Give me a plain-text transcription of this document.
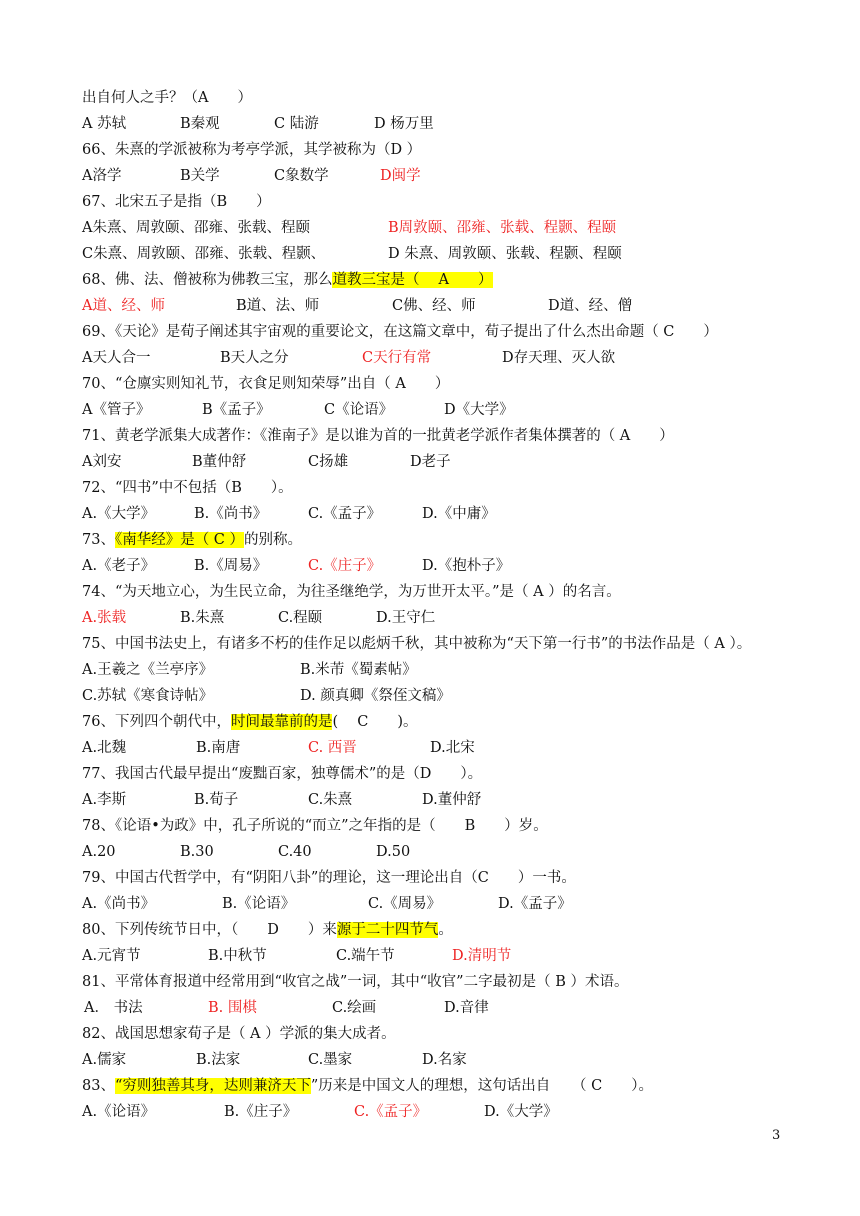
出自何人之手？（A　　）
A 苏轼	B秦观	C 陆游	D 杨万里
66、朱熹的学派被称为考亭学派，其学被称为（D ）
A洛学	B关学	C象数学	D闽学
67、北宋五子是指（B　　）
A朱熹、周敦颐、邵雍、张载、程颐	B周敦颐、邵雍、张载、程颢、程颐
C朱熹、周敦颐、邵雍、张载、程颢、	D 朱熹、周敦颐、张载、程颢、程颐
68、佛、法、僧被称为佛教三宝，那么道教三宝是（　 A　　）
A道、经、师	B道、法、师	C佛、经、师	D道、经、僧
69、《天论》是荀子阐述其宇宙观的重要论文，在这篇文章中，荀子提出了什么杰出命题（ C　　）
A天人合一	B天人之分	C天行有常	D存天理、灭人欲
70、“仓廪实则知礼节，衣食足则知荣辱”出自（ A　　）
A《管子》	B《孟子》	C《论语》	D《大学》
71、黄老学派集大成著作：《淮南子》是以谁为首的一批黄老学派作者集体撰著的（ A　　）
A刘安	B董仲舒	C扬雄	D老子
72、“四书”中不包括（B　　）。
A.《大学》	B.《尚书》	C.《孟子》	D.《中庸》
73、《南华经》是（ C ）的别称。
A.《老子》	B.《周易》	C.《庄子》	D.《抱朴子》
74、“为天地立心，为生民立命，为往圣继绝学，为万世开太平。”是（ A ）的名言。
A.张载	B.朱熹	C.程颐	D.王守仁
75、中国书法史上，有诸多不朽的佳作足以彪炳千秋，其中被称为“天下第一行书”的书法作品是（ A ）。
A.王羲之《兰亭序》	B.米芾《蜀素帖》
C.苏轼《寒食诗帖》	D. 颜真卿《祭侄文稿》
76、下列四个朝代中，时间最靠前的是(　 C　　)。
A.北魏	B.南唐	C. 西晋	D.北宋
77、我国古代最早提出“废黜百家，独尊儒术”的是（D　　）。
A.李斯	B.荀子	C.朱熹	D.董仲舒
78、《论语•为政》中，孔子所说的“而立”之年指的是（　　B　　）岁。
A.20	B.30	C.40	D.50
79、中国古代哲学中，有“阴阳八卦”的理论，这一理论出自（C　　）一书。
A.《尚书》	B.《论语》	C.《周易》	D.《孟子》
80、下列传统节日中，（　　D　　）来源于二十四节气。
A.元宵节	B.中秋节	C.端午节	D.清明节
81、平常体育报道中经常用到“收官之战”一词，其中“收官”二字最初是（ B ）术语。
A． 书法	B. 围棋	C.绘画	D.音律
82、战国思想家荀子是（ A ）学派的集大成者。
A.儒家	B.法家	C.墨家	D.名家
83、“穷则独善其身，达则兼济天下”历来是中国文人的理想，这句话出自　　（ C　　）。
A.《论语》	B.《庄子》	C.《孟子》	D.《大学》
3
